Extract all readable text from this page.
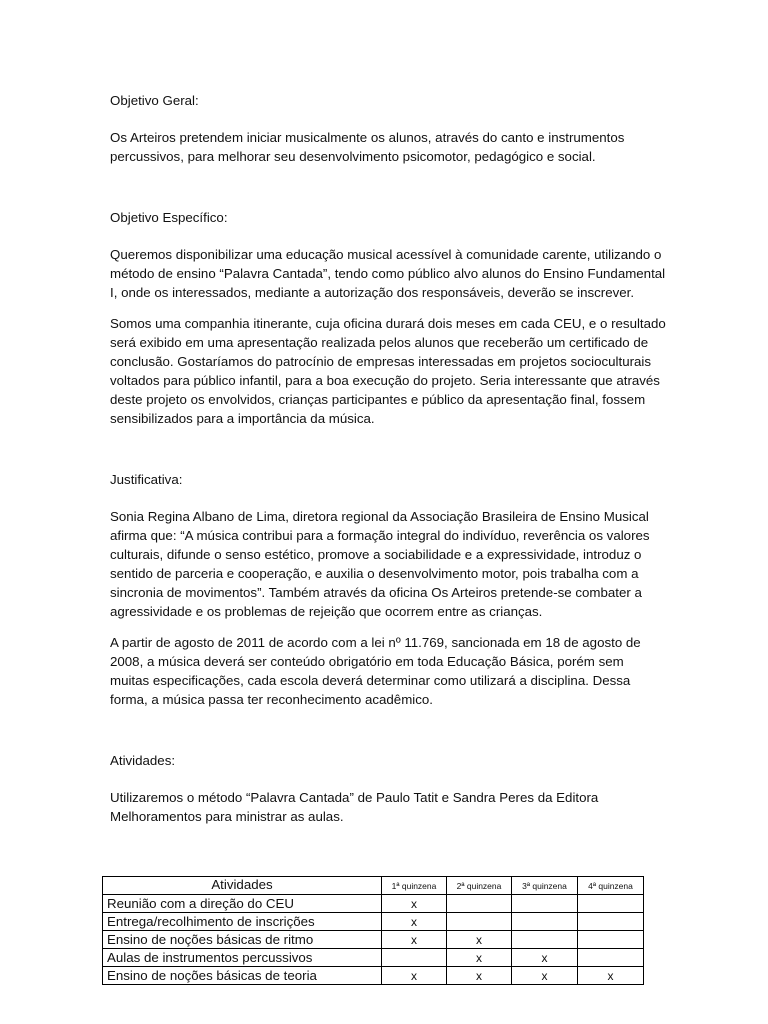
Objetivo Geral:

Os Arteiros pretendem iniciar musicalmente os alunos, através do canto e instrumentos percussivos, para melhorar seu desenvolvimento psicomotor, pedagógico e social.

Objetivo Específico:

Queremos disponibilizar uma educação musical acessível à comunidade carente, utilizando o método de ensino “Palavra Cantada”, tendo como público alvo alunos do Ensino Fundamental I, onde os interessados, mediante a autorização dos responsáveis, deverão se inscrever.

Somos uma companhia itinerante, cuja oficina durará dois meses em cada CEU, e o resultado será exibido em uma apresentação realizada pelos alunos que receberão um certificado de conclusão. Gostaríamos do patrocínio de empresas interessadas em projetos socioculturais voltados para público infantil, para a boa execução do projeto. Seria interessante que através deste projeto os envolvidos, crianças participantes e público da apresentação final, fossem sensibilizados para a importância da música.

Justificativa:

Sonia Regina Albano de Lima, diretora regional da Associação Brasileira de Ensino Musical afirma que: “A música contribui para a formação integral do indivíduo, reverência os valores culturais, difunde o senso estético, promove a sociabilidade e a expressividade, introduz o sentido de parceria e cooperação, e auxilia o desenvolvimento motor, pois trabalha com a sincronia de movimentos”. Também através da oficina Os Arteiros pretende-se combater a agressividade e os problemas de rejeição que ocorrem entre as crianças.

A partir de agosto de 2011 de acordo com a lei nº 11.769, sancionada em 18 de agosto de 2008, a música deverá ser conteúdo obrigatório em toda Educação Básica, porém sem muitas especificações, cada escola deverá determinar como utilizará a disciplina. Dessa forma, a música passa ter reconhecimento acadêmico.

Atividades:

Utilizaremos o método “Palavra Cantada” de Paulo Tatit e Sandra Peres da Editora Melhoramentos para ministrar as aulas.

Atividades	1ª quinzena	2ª quinzena	3ª quinzena	4ª quinzena
Reunião com a direção do CEU	x			
Entrega/recolhimento de inscrições	x			
Ensino de noções básicas de ritmo	x	x		
Aulas de instrumentos percussivos		x	x	
Ensino de noções básicas de teoria	x	x	x	x
